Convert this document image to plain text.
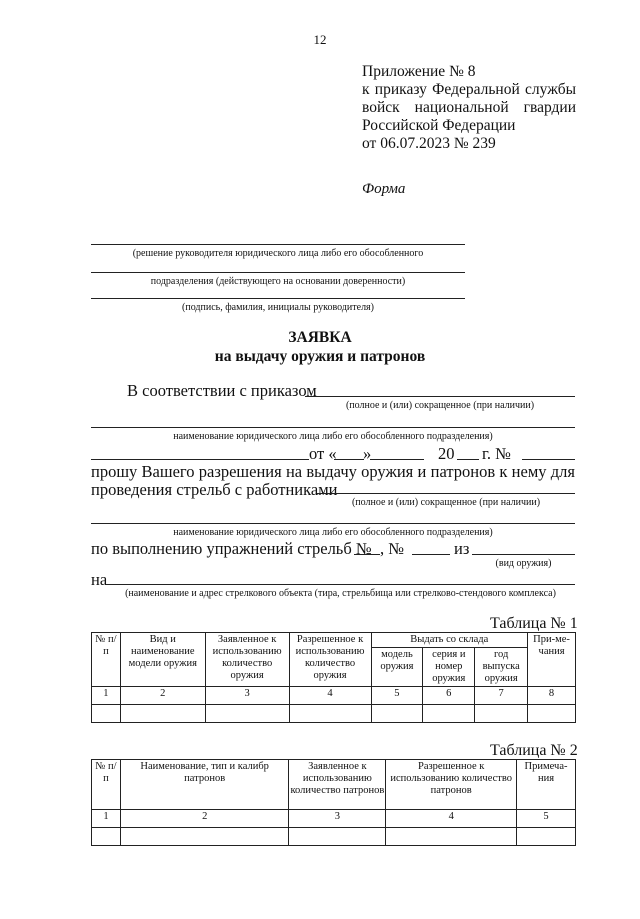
12
Приложение № 8
к приказу Федеральной службы
войск национальной гвардии
Российской Федерации
от 06.07.2023 № 239
Форма
(решение руководителя юридического лица либо его обособленного
подразделения (действующего на основании доверенности)
(подпись, фамилия, инициалы руководителя)
ЗАЯВКА
на выдачу оружия и патронов
В соответствии с приказом
(полное и (или) сокращенное (при наличии)
наименование юридического лица либо его обособленного подразделения)
от « »	20 г. №
прошу Вашего разрешения на выдачу оружия и патронов к нему для
проведения стрельб с работниками
(полное и (или) сокращенное (при наличии)
наименование юридического лица либо его обособленного подразделения)
по выполнению упражнений стрельб № , №	из
(вид оружия)
на
(наименование и адрес стрелкового объекта (тира, стрельбища или стрелково-стендового комплекса)
Таблица № 1
№ п/п	Вид и наименование модели оружия	Заявленное к использованию количество оружия	Разрешенное к использованию количество оружия	Выдать со склада			При-ме-чания
				модель оружия	серия и номер оружия	год выпуска оружия	
1	2	3	4	5	6	7	8

Таблица № 2
№ п/п	Наименование, тип и калибр патронов	Заявленное к использованию количество патронов	Разрешенное к использованию количество патронов	Примеча-ния
1	2	3	4	5
